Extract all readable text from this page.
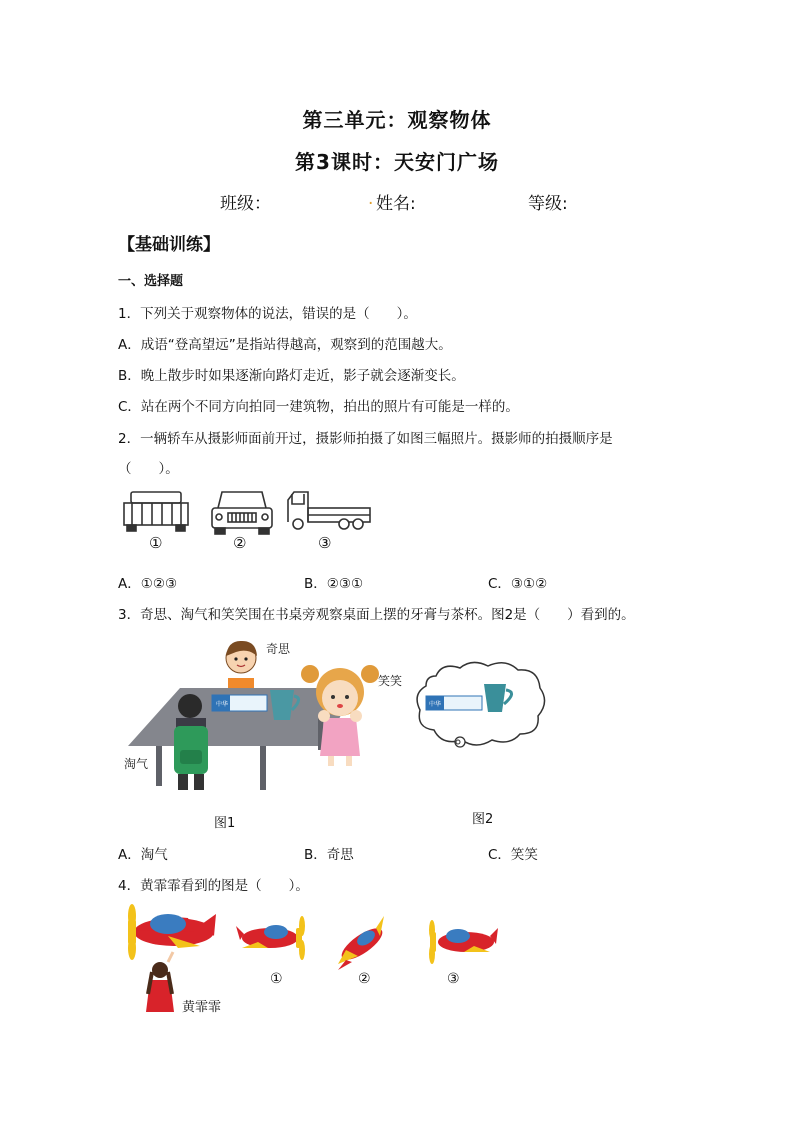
第三单元：观察物体
第3课时：天安门广场
班级：	. 姓名:	等级:
【基础训练】
一、选择题
1．下列关于观察物体的说法，错误的是（　　）。
A．成语“登高望远”是指站得越高，观察到的范围越大。
B．晚上散步时如果逐渐向路灯走近，影子就会逐渐变长。
C．站在两个不同方向拍同一建筑物，拍出的照片有可能是一样的。
2．一辆轿车从摄影师面前开过，摄影师拍摄了如图三幅照片。摄影师的拍摄顺序是
（　　）。
①	②	③
A．①②③	B．②③①	C．③①②
3．奇思、淘气和笑笑围在书桌旁观察桌面上摆的牙膏与茶杯。图2是（　　）看到的。
中华
奇思
笑笑
淘气
中华
图1	图2
A．淘气	B．奇思	C．笑笑
4．黄霏霏看到的图是（　　）。
①	②	③
黄霏霏
